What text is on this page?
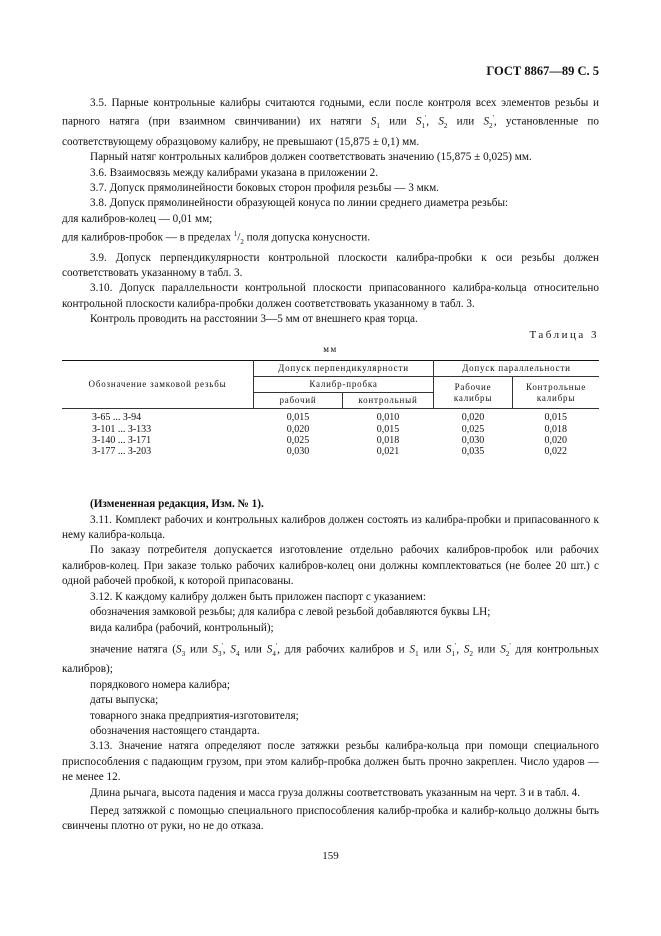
ГОСТ 8867—89 С. 5

3.5. Парные контрольные калибры считаются годными, если после контроля всех элементов резьбы и парного натяга (при взаимном свинчивании) их натяги $S_1$ или $S_1'$, $S_2$ или $S_2'$, установленные по соответствующему образцовому калибру, не превышают (15,875 ± 0,1) мм.

Парный натяг контрольных калибров должен соответствовать значению (15,875 ± 0,025) мм.

3.6. Взаимосвязь между калибрами указана в приложении 2.

3.7. Допуск прямолинейности боковых сторон профиля резьбы — 3 мкм.

3.8. Допуск прямолинейности образующей конуса по линии среднего диаметра резьбы:

для калибров-колец — 0,01 мм;

для калибров-пробок — в пределах $^1/_2$ поля допуска конусности.

3.9. Допуск перпендикулярности контрольной плоскости калибра-пробки к оси резьбы должен соответствовать указанному в табл. 3.

3.10. Допуск параллельности контрольной плоскости припасованного калибра-кольца относительно контрольной плоскости калибра-пробки должен соответствовать указанному в табл. 3.

Контроль проводить на расстоянии 3—5 мм от внешнего края торца.

Таблица 3
мм
Обозначение замковой резьбы	Допуск перпендикулярности		Допуск параллельности	
	Калибр-пробка		Рабочие калибры	Контрольные калибры
	рабочий	контрольный		
З-65 ... З-94	0,015	0,010	0,020	0,015
З-101 ... З-133	0,020	0,015	0,025	0,018
З-140 ... З-171	0,025	0,018	0,030	0,020
З-177 ... З-203	0,030	0,021	0,035	0,022

(Измененная редакция, Изм. № 1).

3.11. Комплект рабочих и контрольных калибров должен состоять из калибра-пробки и припасованного к нему калибра-кольца.

По заказу потребителя допускается изготовление отдельно рабочих калибров-пробок или рабочих калибров-колец. При заказе только рабочих калибров-колец они должны комплектоваться (не более 20 шт.) с одной рабочей пробкой, к которой припасованы.

3.12. К каждому калибру должен быть приложен паспорт с указанием:

обозначения замковой резьбы; для калибра с левой резьбой добавляются буквы LH;

вида калибра (рабочий, контрольный);

значение натяга ($S_3$ или $S_3'$, $S_4$ или $S_4'$, для рабочих калибров и $S_1$ или $S_1'$, $S_2$ или $S_2'$ для контрольных калибров);

порядкового номера калибра;

даты выпуска;

товарного знака предприятия-изготовителя;

обозначения настоящего стандарта.

3.13. Значение натяга определяют после затяжки резьбы калибра-кольца при помощи специального приспособления с падающим грузом, при этом калибр-пробка должен быть прочно закреплен. Число ударов — не менее 12.

Длина рычага, высота падения и масса груза должны соответствовать указанным на черт. 3 и в табл. 4.

Перед затяжкой с помощью специального приспособления калибр-пробка и калибр-кольцо должны быть свинчены плотно от руки, но не до отказа.

159
